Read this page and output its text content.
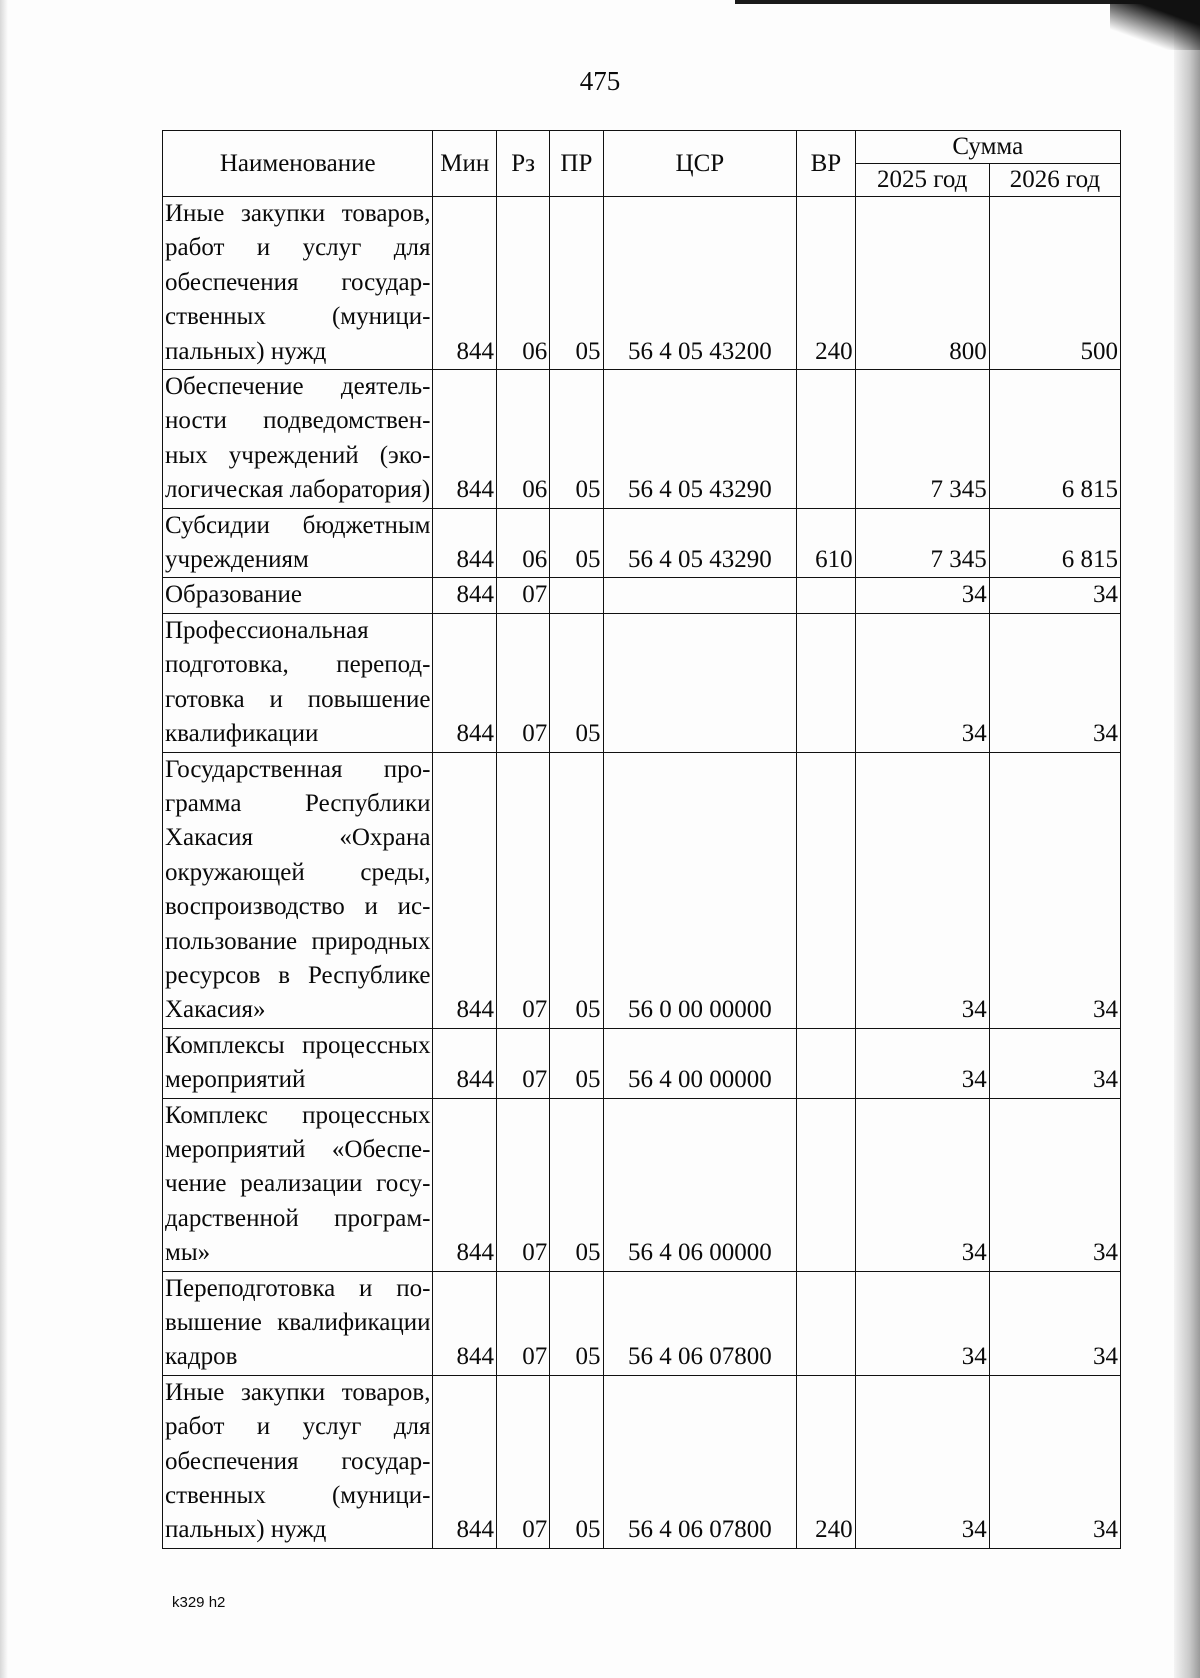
475
Наименование	Мин	Рз	ПР	ЦСР	ВР	Сумма	
						2025 год	2026 год
Иные закупки товаров, работ и услуг для обеспечения государственных (муниципальных) нужд	844	06	05	56 4 05 43200	240	800	500
Обеспечение деятельности подведомственных учреждений (экологическая лаборатория)	844	06	05	56 4 05 43290		7 345	6 815
Субсидии бюджетным учреждениям	844	06	05	56 4 05 43290	610	7 345	6 815
Образование	844	07				34	34
Профессиональная подготовка, переподготовка и повышение квалификации	844	07	05			34	34
Государственная программа Республики Хакасия «Охрана окружающей среды, воспроизводство и использование природных ресурсов в Республике Хакасия»	844	07	05	56 0 00 00000		34	34
Комплексы процессных мероприятий	844	07	05	56 4 00 00000		34	34
Комплекс процессных мероприятий «Обеспечение реализации государственной программы»	844	07	05	56 4 06 00000		34	34
Переподготовка и повышение квалификации кадров	844	07	05	56 4 06 07800		34	34
Иные закупки товаров, работ и услуг для обеспечения государственных (муниципальных) нужд	844	07	05	56 4 06 07800	240	34	34
k329 h2
